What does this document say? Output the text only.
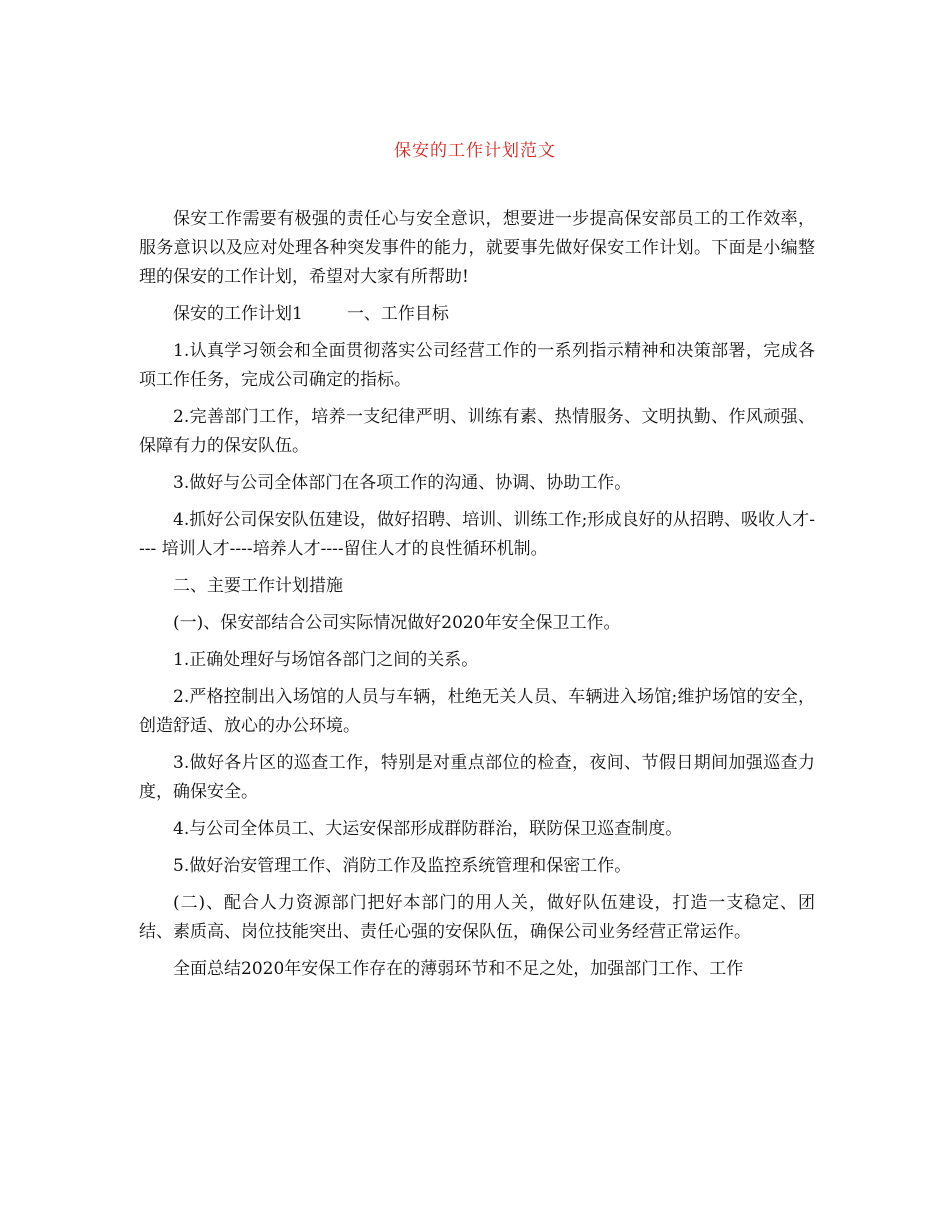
保安的工作计划范文

保安工作需要有极强的责任心与安全意识，想要进一步提高保安部员工的工作效率，服务意识以及应对处理各种突发事件的能力，就要事先做好保安工作计划。下面是小编整理的保安的工作计划，希望对大家有所帮助!

保安的工作计划1	一、工作目标

1.认真学习领会和全面贯彻落实公司经营工作的一系列指示精神和决策部署，完成各项工作任务，完成公司确定的指标。

2.完善部门工作，培养一支纪律严明、训练有素、热情服务、文明执勤、作风顽强、保障有力的保安队伍。

3.做好与公司全体部门在各项工作的沟通、协调、协助工作。

4.抓好公司保安队伍建设，做好招聘、培训、训练工作;形成良好的从招聘、吸收人才---- 培训人才----培养人才----留住人才的良性循环机制。

二、主要工作计划措施

(一)、保安部结合公司实际情况做好2020年安全保卫工作。

1.正确处理好与场馆各部门之间的关系。

2.严格控制出入场馆的人员与车辆，杜绝无关人员、车辆进入场馆;维护场馆的安全，创造舒适、放心的办公环境。

3.做好各片区的巡查工作，特别是对重点部位的检查，夜间、节假日期间加强巡查力度，确保安全。

4.与公司全体员工、大运安保部形成群防群治，联防保卫巡查制度。

5.做好治安管理工作、消防工作及监控系统管理和保密工作。

(二)、配合人力资源部门把好本部门的用人关，做好队伍建设，打造一支稳定、团结、素质高、岗位技能突出、责任心强的安保队伍，确保公司业务经营正常运作。

全面总结2020年安保工作存在的薄弱环节和不足之处，加强部门工作、工作
